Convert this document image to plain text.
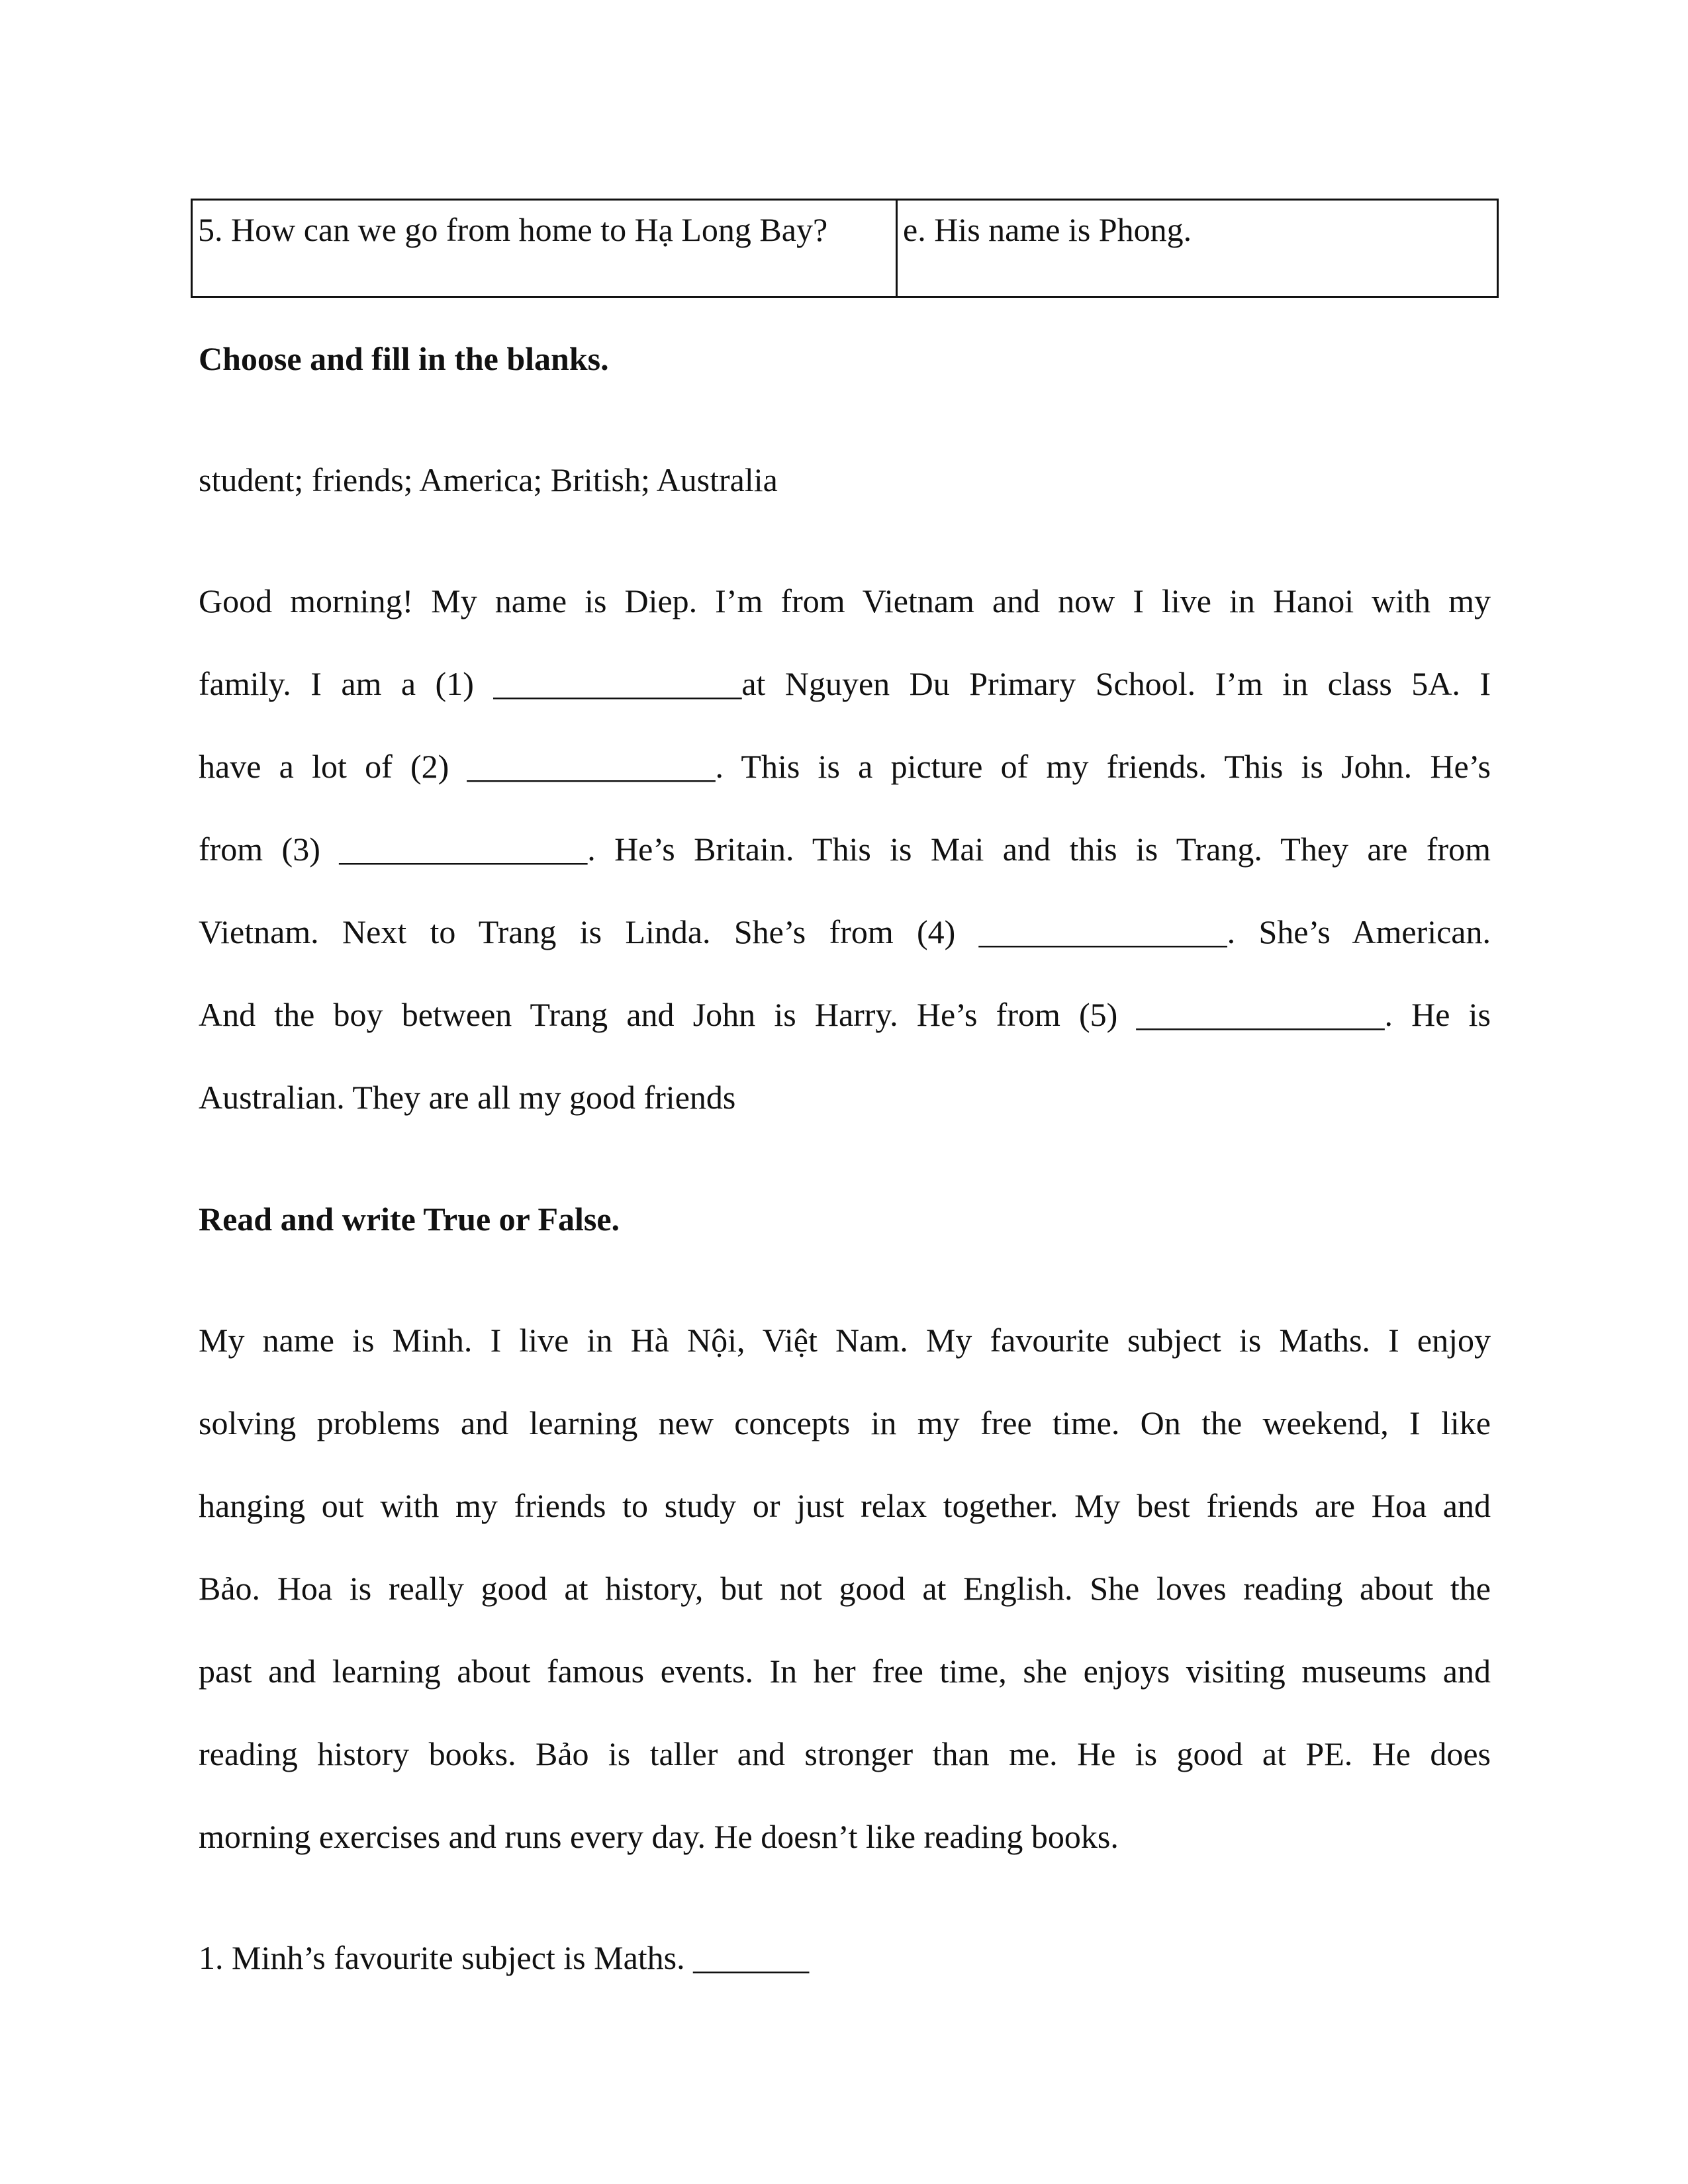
5. How can we go from home to Hạ Long Bay?	e. His name is Phong.

Choose and fill in the blanks.

student; friends; America; British; Australia

Good morning! My name is Diep. I’m from Vietnam and now I live in Hanoi with my

family. I am a (1) _______________at Nguyen Du Primary School. I’m in class 5A. I

have a lot of (2) _______________. This is a picture of my friends. This is John. He’s

from (3) _______________. He’s Britain. This is Mai and this is Trang. They are from

Vietnam. Next to Trang is Linda. She’s from (4) _______________. She’s American.

And the boy between Trang and John is Harry. He’s from (5) _______________. He is

Australian. They are all my good friends

Read and write True or False.

My name is Minh. I live in Hà Nội, Việt Nam. My favourite subject is Maths. I enjoy

solving problems and learning new concepts in my free time. On the weekend, I like

hanging out with my friends to study or just relax together. My best friends are Hoa and

Bảo. Hoa is really good at history, but not good at English. She loves reading about the

past and learning about famous events. In her free time, she enjoys visiting museums and

reading history books. Bảo is taller and stronger than me. He is good at PE. He does

morning exercises and runs every day. He doesn’t like reading books.

1. Minh’s favourite subject is Maths. _______
